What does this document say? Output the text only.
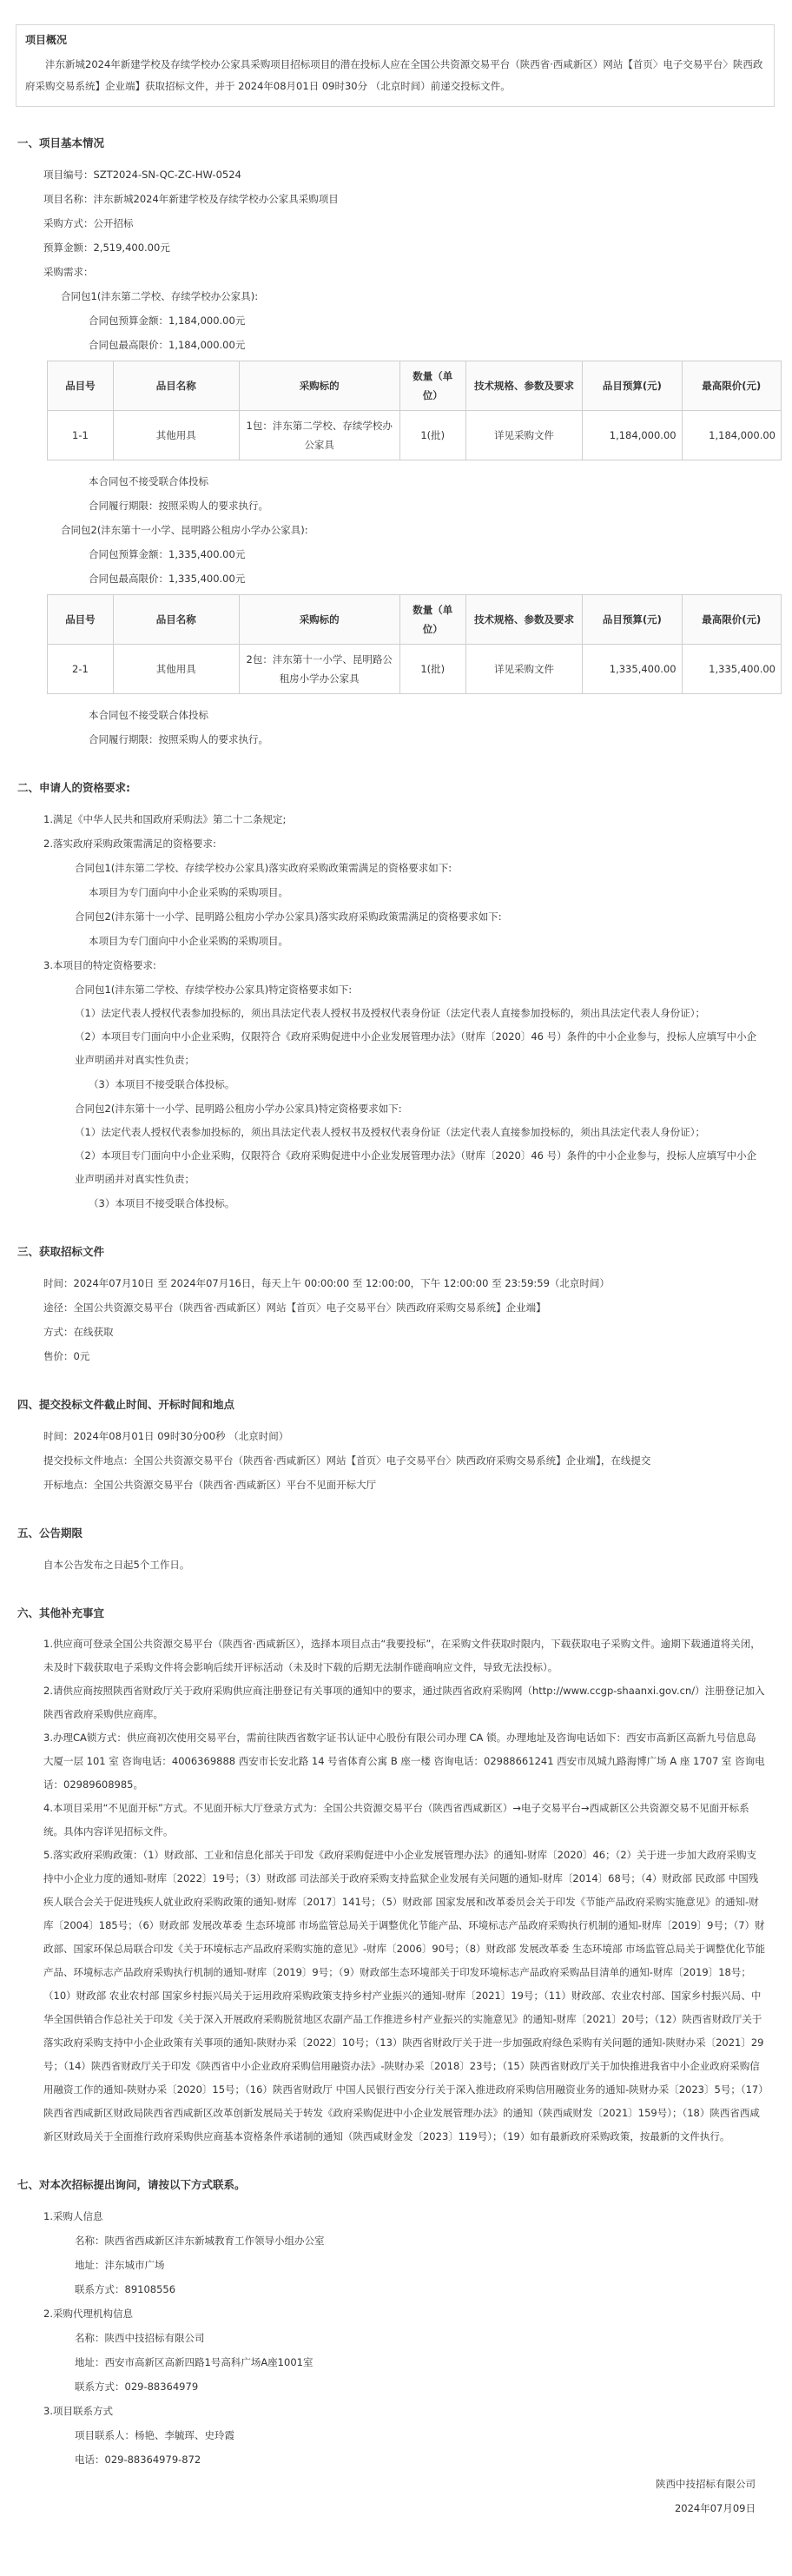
项目概况
沣东新城2024年新建学校及存续学校办公家具采购项目招标项目的潜在投标人应在全国公共资源交易平台（陕西省·西咸新区）网站【首页〉电子交易平台〉陕西政府采购交易系统】企业端】获取招标文件，并于 2024年08月01日 09时30分 （北京时间）前递交投标文件。
一、项目基本情况
项目编号：SZT2024-SN-QC-ZC-HW-0524
项目名称：沣东新城2024年新建学校及存续学校办公家具采购项目
采购方式：公开招标
预算金额：2,519,400.00元
采购需求：
合同包1(沣东第二学校、存续学校办公家具):
合同包预算金额：1,184,000.00元
合同包最高限价：1,184,000.00元
品目号	品目名称	采购标的	数量（单位）	技术规格、参数及要求	品目预算(元)	最高限价(元)
1-1	其他用具	1包：沣东第二学校、存续学校办公家具	1(批)	详见采购文件	1,184,000.00	1,184,000.00
本合同包不接受联合体投标
合同履行期限：按照采购人的要求执行。
合同包2(沣东第十一小学、昆明路公租房小学办公家具):
合同包预算金额：1,335,400.00元
合同包最高限价：1,335,400.00元
品目号	品目名称	采购标的	数量（单位）	技术规格、参数及要求	品目预算(元)	最高限价(元)
2-1	其他用具	2包：沣东第十一小学、昆明路公租房小学办公家具	1(批)	详见采购文件	1,335,400.00	1,335,400.00
本合同包不接受联合体投标
合同履行期限：按照采购人的要求执行。
二、申请人的资格要求:
1.满足《中华人民共和国政府采购法》第二十二条规定;
2.落实政府采购政策需满足的资格要求:
合同包1(沣东第二学校、存续学校办公家具)落实政府采购政策需满足的资格要求如下:
本项目为专门面向中小企业采购的采购项目。
合同包2(沣东第十一小学、昆明路公租房小学办公家具)落实政府采购政策需满足的资格要求如下:
本项目为专门面向中小企业采购的采购项目。
3.本项目的特定资格要求:
合同包1(沣东第二学校、存续学校办公家具)特定资格要求如下:
（1）法定代表人授权代表参加投标的，须出具法定代表人授权书及授权代表身份证（法定代表人直接参加投标的，须出具法定代表人身份证）；
（2）本项目专门面向中小企业采购，仅限符合《政府采购促进中小企业发展管理办法》（财库〔2020〕46 号）条件的中小企业参与，投标人应填写中小企业声明函并对真实性负责；
（3）本项目不接受联合体投标。
合同包2(沣东第十一小学、昆明路公租房小学办公家具)特定资格要求如下:
（1）法定代表人授权代表参加投标的，须出具法定代表人授权书及授权代表身份证（法定代表人直接参加投标的，须出具法定代表人身份证）；
（2）本项目专门面向中小企业采购，仅限符合《政府采购促进中小企业发展管理办法》（财库〔2020〕46 号）条件的中小企业参与，投标人应填写中小企业声明函并对真实性负责；
（3）本项目不接受联合体投标。
三、获取招标文件
时间：2024年07月10日 至 2024年07月16日，每天上午 00:00:00 至 12:00:00，下午 12:00:00 至 23:59:59（北京时间）
途径：全国公共资源交易平台（陕西省·西咸新区）网站【首页〉电子交易平台〉陕西政府采购交易系统】企业端】
方式：在线获取
售价：0元
四、提交投标文件截止时间、开标时间和地点
时间：2024年08月01日 09时30分00秒 （北京时间）
提交投标文件地点：全国公共资源交易平台（陕西省·西咸新区）网站【首页〉电子交易平台〉陕西政府采购交易系统】企业端】，在线提交
开标地点：全国公共资源交易平台（陕西省·西咸新区）平台不见面开标大厅
五、公告期限
自本公告发布之日起5个工作日。
六、其他补充事宜
1.供应商可登录全国公共资源交易平台（陕西省·西咸新区），选择本项目点击“我要投标”，在采购文件获取时限内，下载获取电子采购文件。逾期下载通道将关闭，未及时下载获取电子采购文件将会影响后续开评标活动（未及时下载的后期无法制作磋商响应文件，导致无法投标）。
2.请供应商按照陕西省财政厅关于政府采购供应商注册登记有关事项的通知中的要求，通过陕西省政府采购网（http://www.ccgp-shaanxi.gov.cn/）注册登记加入陕西省政府采购供应商库。
3.办理CA锁方式：供应商初次使用交易平台，需前往陕西省数字证书认证中心股份有限公司办理 CA 锁。办理地址及咨询电话如下：西安市高新区高新九号信息岛大厦一层 101 室 咨询电话：4006369888 西安市长安北路 14 号省体育公寓 B 座一楼 咨询电话：02988661241 西安市凤城九路海博广场 A 座 1707 室 咨询电话：02989608985。
4.本项目采用“不见面开标”方式。不见面开标大厅登录方式为：全国公共资源交易平台（陕西省西咸新区）→电子交易平台→西咸新区公共资源交易不见面开标系统。具体内容详见招标文件。
5.落实政府采购政策：（1）财政部、工业和信息化部关于印发《政府采购促进中小企业发展管理办法》的通知-财库〔2020〕46；（2）关于进一步加大政府采购支持中小企业力度的通知-财库〔2022〕19号；（3）财政部 司法部关于政府采购支持监狱企业发展有关问题的通知-财库〔2014〕68号；（4）财政部 民政部 中国残疾人联合会关于促进残疾人就业政府采购政策的通知-财库〔2017〕141号；（5）财政部 国家发展和改革委员会关于印发《节能产品政府采购实施意见》的通知-财库〔2004〕185号；（6）财政部 发展改革委 生态环境部 市场监管总局关于调整优化节能产品、环境标志产品政府采购执行机制的通知-财库〔2019〕9号；（7）财政部、国家环保总局联合印发《关于环境标志产品政府采购实施的意见》-财库〔2006〕90号；（8）财政部 发展改革委 生态环境部 市场监管总局关于调整优化节能产品、环境标志产品政府采购执行机制的通知-财库〔2019〕9号；（9）财政部生态环境部关于印发环境标志产品政府采购品目清单的通知-财库〔2019〕18号；（10）财政部 农业农村部 国家乡村振兴局关于运用政府采购政策支持乡村产业振兴的通知-财库〔2021〕19号；（11）财政部、农业农村部、国家乡村振兴局、中华全国供销合作总社关于印发《关于深入开展政府采购脱贫地区农副产品工作推进乡村产业振兴的实施意见》的通知-财库〔2021〕20号；（12）陕西省财政厅关于落实政府采购支持中小企业政策有关事项的通知-陕财办采〔2022〕10号；（13）陕西省财政厅关于进一步加强政府绿色采购有关问题的通知-陕财办采〔2021〕29号；（14）陕西省财政厅关于印发《陕西省中小企业政府采购信用融资办法》-陕财办采〔2018〕23号；（15）陕西省财政厅关于加快推进我省中小企业政府采购信用融资工作的通知-陕财办采〔2020〕15号；（16）陕西省财政厅 中国人民银行西安分行关于深入推进政府采购信用融资业务的通知-陕财办采〔2023〕5号；（17）陕西省西咸新区财政局陕西省西咸新区改革创新发展局关于转发《政府采购促进中小企业发展管理办法》的通知（陕西咸财发〔2021〕159号）；（18）陕西省西咸新区财政局关于全面推行政府采购供应商基本资格条件承诺制的通知（陕西咸财金发〔2023〕119号）；（19）如有最新政府采购政策，按最新的文件执行。
七、对本次招标提出询问，请按以下方式联系。
1.采购人信息
名称：陕西省西咸新区沣东新城教育工作领导小组办公室
地址：沣东城市广场
联系方式：89108556
2.采购代理机构信息
名称：陕西中技招标有限公司
地址：西安市高新区高新四路1号高科广场A座1001室
联系方式：029-88364979
3.项目联系方式
项目联系人：杨艳、李毓珲、史玲霞
电话：029-88364979-872
陕西中技招标有限公司
2024年07月09日
